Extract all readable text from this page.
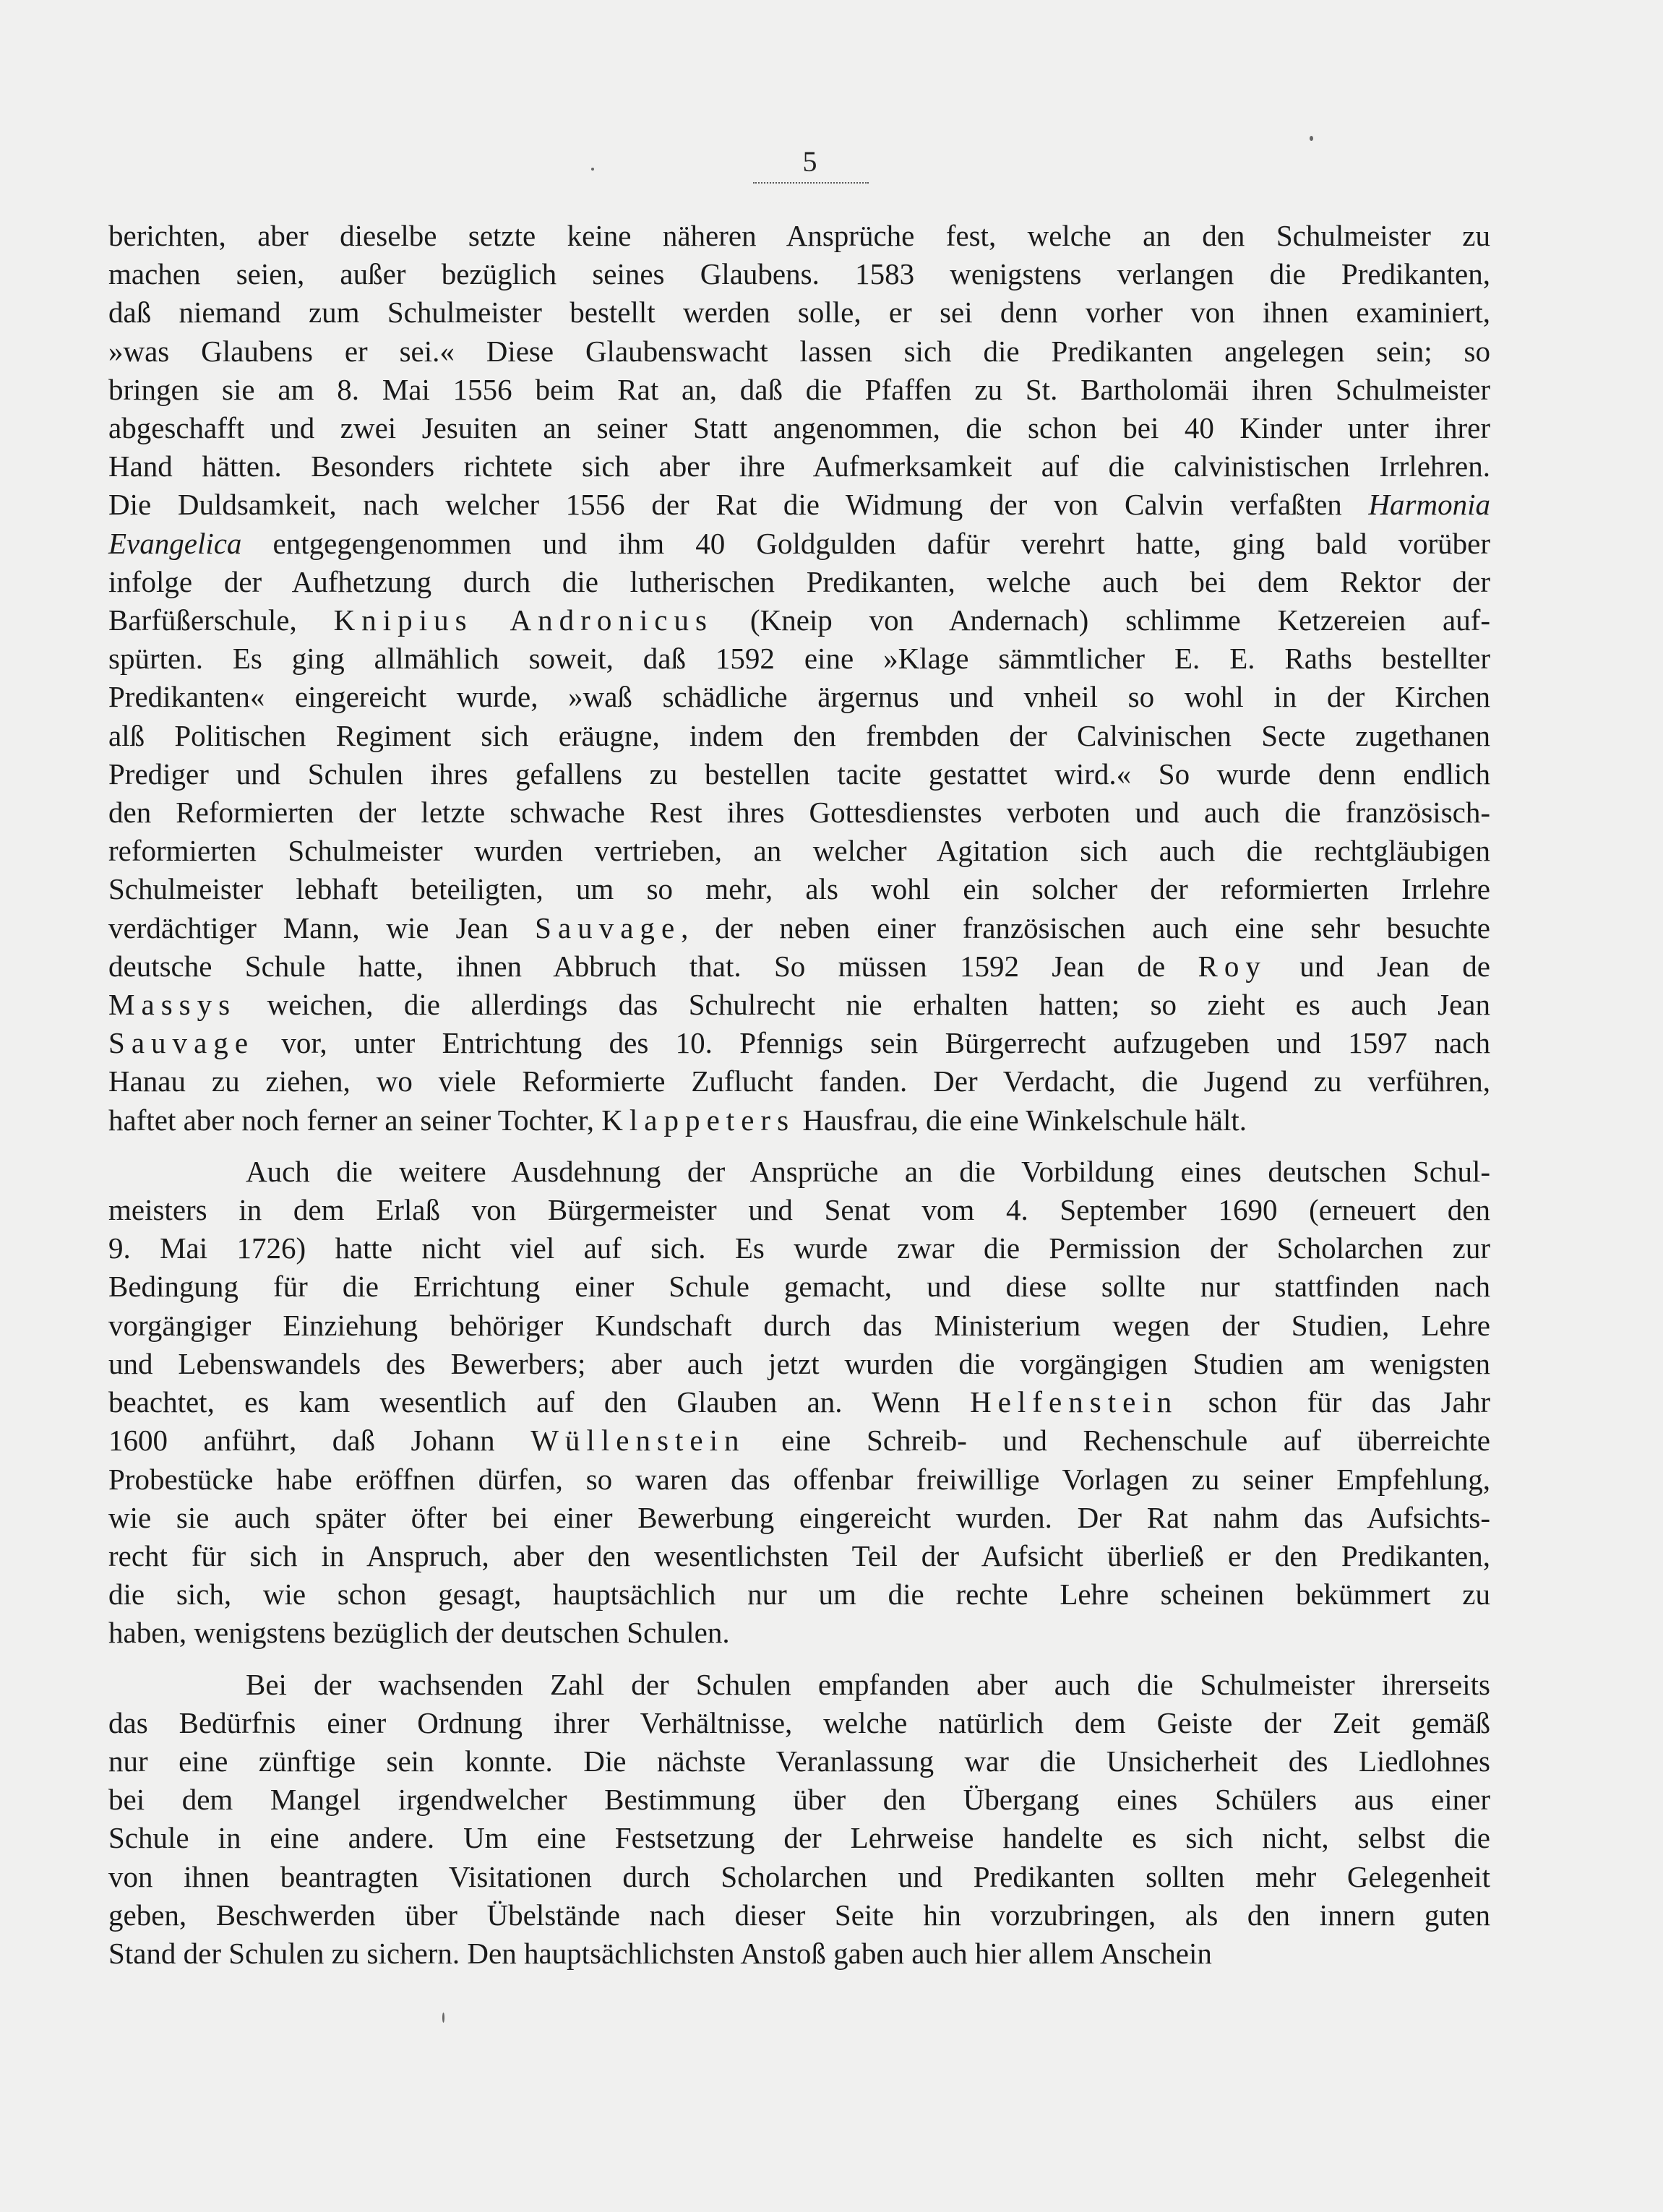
5
berichten, aber dieselbe setzte keine näheren Ansprüche fest, welche an den Schulmeister zu
machen seien, außer bezüglich seines Glaubens. 1583 wenigstens verlangen die Predikanten,
daß niemand zum Schulmeister bestellt werden solle, er sei denn vorher von ihnen examiniert,
»was Glaubens er sei.« Diese Glaubenswacht lassen sich die Predikanten angelegen sein; so
bringen sie am 8. Mai 1556 beim Rat an, daß die Pfaffen zu St. Bartholomäi ihren Schulmeister
abgeschafft und zwei Jesuiten an seiner Statt angenommen, die schon bei 40 Kinder unter ihrer
Hand hätten. Besonders richtete sich aber ihre Aufmerksamkeit auf die calvinistischen Irrlehren.
Die Duldsamkeit, nach welcher 1556 der Rat die Widmung der von Calvin verfaßten Harmonia
Evangelica entgegengenommen und ihm 40 Goldgulden dafür verehrt hatte, ging bald vorüber
infolge der Aufhetzung durch die lutherischen Predikanten, welche auch bei dem Rektor der
Barfüßerschule, Knipius Andronicus (Kneip von Andernach) schlimme Ketzereien auf-
spürten. Es ging allmählich soweit, daß 1592 eine »Klage sämmtlicher E. E. Raths bestellter
Predikanten« eingereicht wurde, »waß schädliche ärgernus und vnheil so wohl in der Kirchen
alß Politischen Regiment sich eräugne, indem den frembden der Calvinischen Secte zugethanen
Prediger und Schulen ihres gefallens zu bestellen tacite gestattet wird.« So wurde denn endlich
den Reformierten der letzte schwache Rest ihres Gottesdienstes verboten und auch die französisch-
reformierten Schulmeister wurden vertrieben, an welcher Agitation sich auch die rechtgläubigen
Schulmeister lebhaft beteiligten, um so mehr, als wohl ein solcher der reformierten Irrlehre
verdächtiger Mann, wie Jean Sauvage, der neben einer französischen auch eine sehr besuchte
deutsche Schule hatte, ihnen Abbruch that. So müssen 1592 Jean de Roy und Jean de
Massys weichen, die allerdings das Schulrecht nie erhalten hatten; so zieht es auch Jean
Sauvage vor, unter Entrichtung des 10. Pfennigs sein Bürgerrecht aufzugeben und 1597 nach
Hanau zu ziehen, wo viele Reformierte Zuflucht fanden. Der Verdacht, die Jugend zu verführen,
haftet aber noch ferner an seiner Tochter, Klappeters Hausfrau, die eine Winkelschule hält.
Auch die weitere Ausdehnung der Ansprüche an die Vorbildung eines deutschen Schul-
meisters in dem Erlaß von Bürgermeister und Senat vom 4. September 1690 (erneuert den
9. Mai 1726) hatte nicht viel auf sich. Es wurde zwar die Permission der Scholarchen zur
Bedingung für die Errichtung einer Schule gemacht, und diese sollte nur stattfinden nach
vorgängiger Einziehung behöriger Kundschaft durch das Ministerium wegen der Studien, Lehre
und Lebenswandels des Bewerbers; aber auch jetzt wurden die vorgängigen Studien am wenigsten
beachtet, es kam wesentlich auf den Glauben an. Wenn Helfenstein schon für das Jahr
1600 anführt, daß Johann Wüllenstein eine Schreib- und Rechenschule auf überreichte
Probestücke habe eröffnen dürfen, so waren das offenbar freiwillige Vorlagen zu seiner Empfehlung,
wie sie auch später öfter bei einer Bewerbung eingereicht wurden. Der Rat nahm das Aufsichts-
recht für sich in Anspruch, aber den wesentlichsten Teil der Aufsicht überließ er den Predikanten,
die sich, wie schon gesagt, hauptsächlich nur um die rechte Lehre scheinen bekümmert zu
haben, wenigstens bezüglich der deutschen Schulen.
Bei der wachsenden Zahl der Schulen empfanden aber auch die Schulmeister ihrerseits
das Bedürfnis einer Ordnung ihrer Verhältnisse, welche natürlich dem Geiste der Zeit gemäß
nur eine zünftige sein konnte. Die nächste Veranlassung war die Unsicherheit des Liedlohnes
bei dem Mangel irgendwelcher Bestimmung über den Übergang eines Schülers aus einer
Schule in eine andere. Um eine Festsetzung der Lehrweise handelte es sich nicht, selbst die
von ihnen beantragten Visitationen durch Scholarchen und Predikanten sollten mehr Gelegenheit
geben, Beschwerden über Übelstände nach dieser Seite hin vorzubringen, als den innern guten
Stand der Schulen zu sichern. Den hauptsächlichsten Anstoß gaben auch hier allem Anschein
